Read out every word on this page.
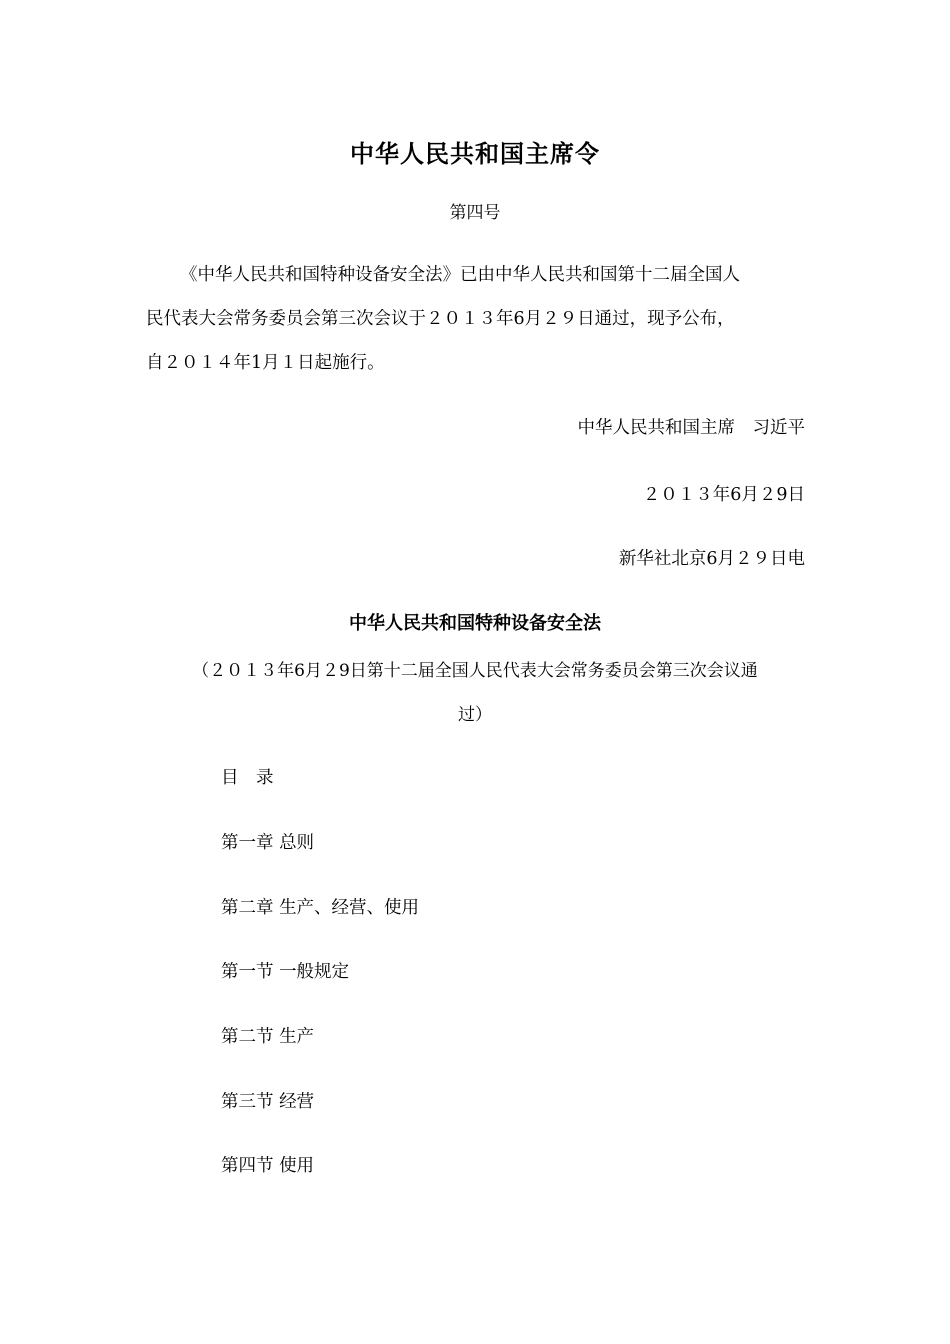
中华人民共和国主席令
第四号
《中华人民共和国特种设备安全法》已由中华人民共和国第十二届全国人
民代表大会常务委员会第三次会议于２０１３年6月２９日通过，现予公布，
自２０１４年1月１日起施行。
中华人民共和国主席　习近平
２０１３年6月２9日
新华社北京6月２９日电
中华人民共和国特种设备安全法
（２０１３年6月２9日第十二届全国人民代表大会常务委员会第三次会议通
过）
目　录
第一章 总则
第二章 生产、经营、使用
第一节 一般规定
第二节 生产
第三节 经营
第四节 使用
